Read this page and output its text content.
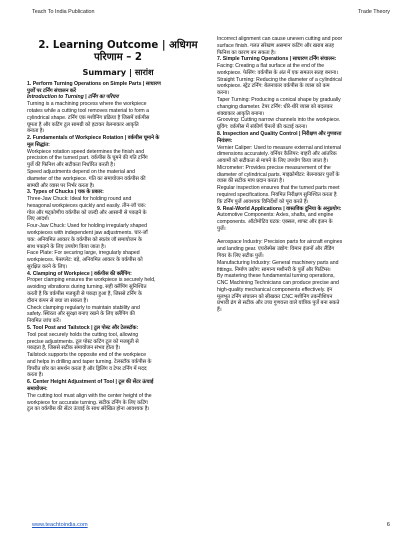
Teach To India Publication	Trade Theory
2. Learning Outcome | अधिगम
परिणाम – 2
Summary | सारांश

1. Perform Turning Operations on Simple Parts | साधारण

पुर्जों पर टर्निंग संचालन करें

Introduction to Turning | टर्निंग का परिचय

Turning is a machining process where the workpiece

rotates while a cutting tool removes material to form a

cylindrical shape. टर्निंग एक मशीनिंग प्रक्रिया है जिसमें वर्कपीस

घूमता है और कटिंग टूल सामग्री को हटाकर बेलनाकार आकृति

बनाता है।

2. Fundamentals of Workpiece Rotation | वर्कपीस घूमाने के

मूल सिद्धांत:

Workpiece rotation speed determines the finish and

precision of the turned part. वर्कपीस के घूमने की गति टर्निंग

पुर्जे की फिनिश और सटीकता निर्धारित करती है।

Speed adjustments depend on the material and

diameter of the workpiece. गति का समायोजन वर्कपीस की

सामग्री और व्यास पर निर्भर करता है।

3. Types of Chucks | चक के प्रकार:

Three-Jaw Chuck: Ideal for holding round and

hexagonal workpieces quickly and easily. तीन-जॉ चक:

गोल और षट्कोणीय वर्कपीस को जल्दी और आसानी से पकड़ने के

लिए आदर्श।

Four-Jaw Chuck: Used for holding irregularly shaped

workpieces with independent jaw adjustments. चार-जॉ

चक: अनियमित आकार के वर्कपीस को स्वतंत्र जॉ समायोजन के

साथ पकड़ने के लिए उपयोग किया जाता है।

Face Plate: For securing large, irregularly shaped

workpieces. फेसप्लेट: बड़े, अनियमित आकार के वर्कपीस को

सुरक्षित करने के लिए।

4. Clamping of Workpiece | वर्कपीस की क्लैंपिंग:

Proper clamping ensures the workpiece is securely held,

avoiding vibrations during turning. सही क्लैंपिंग सुनिश्चित

करती है कि वर्कपीस मजबूती से पकड़ा हुआ है, जिससे टर्निंग के

दौरान कंपन से बचा जा सकता है।

Check clamping regularly to maintain stability and

safety. स्थिरता और सुरक्षा बनाए रखने के लिए क्लैंपिंग की

नियमित जांच करें।

5. Tool Post and Tailstock | टूल पोस्ट और टेलस्टॉक:

Tool post securely holds the cutting tool, allowing

precise adjustments. टूल पोस्ट कटिंग टूल को मजबूती से

पकड़ता है, जिससे सटीक समायोजन संभव होता है।

Tailstock supports the opposite end of the workpiece

and helps in drilling and taper turning. टेलस्टॉक वर्कपीस के

विपरीत छोर का समर्थन करता है और ड्रिलिंग व टेपर टर्निंग में मदद

करता है।

6. Center Height Adjustment of Tool | टूल की सेंटर ऊंचाई

समायोजन:

The cutting tool must align with the center height of the

workpiece for accurate turning. सटीक टर्निंग के लिए कटिंग

टूल का वर्कपीस की सेंटर ऊंचाई के साथ संरेखित होना आवश्यक है।

Incorrect alignment can cause uneven cutting and poor

surface finish. गलत संरेखण असमान कटिंग और खराब सतह

फिनिश का कारण बन सकता है।

7. Simple Turning Operations | साधारण टर्निंग संचालन:

Facing: Creating a flat surface at the end of the

workpiece. फेसिंग: वर्कपीस के अंत में एक समतल सतह बनाना।

Straight Turning: Reducing the diameter of a cylindrical

workpiece. स्ट्रेट टर्निंग: बेलनाकार वर्कपीस के व्यास को कम

करना।

Taper Turning: Producing a conical shape by gradually

changing diameter. टेपर टर्निंग: धीरे-धीरे व्यास को बदलकर

शंक्वाकार आकृति बनाना।

Grooving: Cutting narrow channels into the workpiece.

ग्रूविंग: वर्कपीस में संकीर्ण चैनलों की कटाई करना।

8. Inspection and Quality Control | निरीक्षण और गुणवत्ता

नियंत्रण:

Vernier Caliper: Used to measure external and internal

dimensions accurately. वर्नियर कैलिपर: बाहरी और आंतरिक

आयामों को सटीकता से मापने के लिए उपयोग किया जाता है।

Micrometer: Provides precise measurement of the

diameter of cylindrical parts. माइक्रोमीटर: बेलनाकार पुर्जों के

व्यास की सटीक माप प्रदान करता है।

Regular inspection ensures that the turned parts meet

required specifications. नियमित निरीक्षण सुनिश्चित करता है

कि टर्निंग पुर्जे आवश्यक विनिर्देशों को पूरा करते हैं।

9. Real-World Applications | वास्तविक दुनिया के अनुप्रयोग:

Automotive Components: Axles, shafts, and engine

components. ऑटोमोटिव घटक: एक्सल, शाफ्ट और इंजन के

पुर्जे।

Aerospace Industry: Precision parts for aircraft engines

and landing gear. एयरोस्पेस उद्योग: विमान इंजनों और लैंडिंग

गियर के लिए सटीक पुर्जे।

Manufacturing Industry: General machinery parts and

fittings. निर्माण उद्योग: सामान्य मशीनरी के पुर्जे और फिटिंग्स।

By mastering these fundamental turning operations,

CNC Machining Technicians can produce precise and

high-quality mechanical components effectively. इन

मूलभूत टर्निंग संचालन को सीखकर CNC मशीनिंग तकनीशियन

प्रभावी ढंग से सटीक और उच्च गुणवत्ता वाले यांत्रिक पुर्जे बना सकते

हैं।

www.teachtoindia.com	6
